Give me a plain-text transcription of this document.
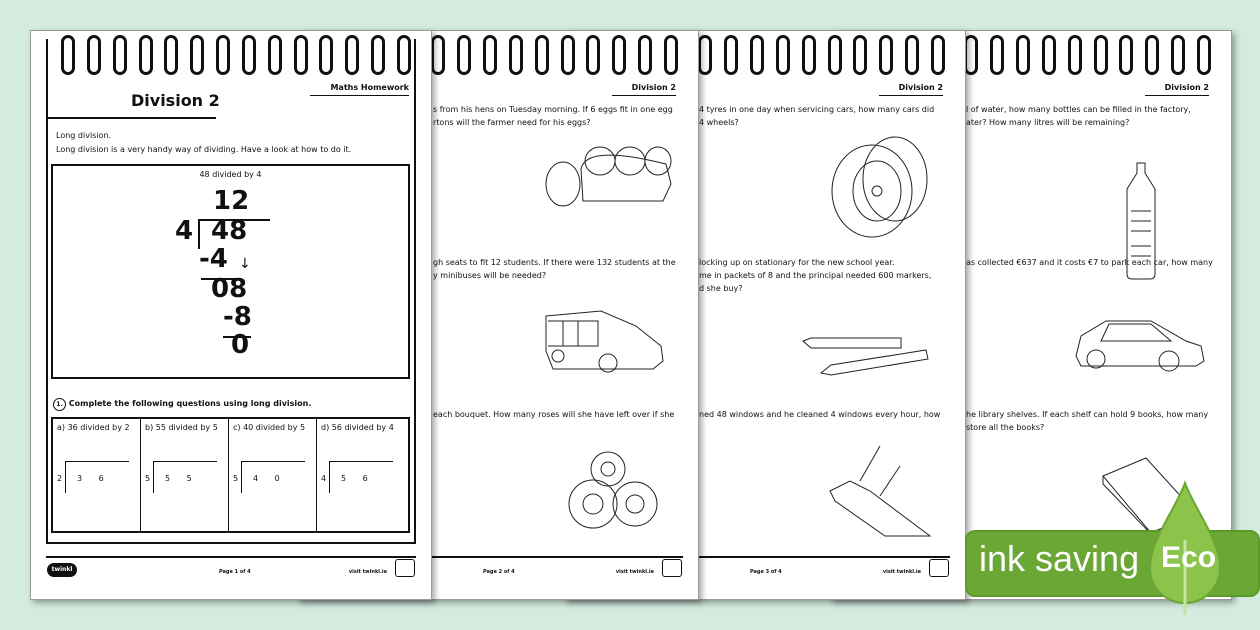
Division 2
l of water, how many bottles can be filled in the factory,
ater? How many litres will be remaining?
as collected €637 and it costs €7 to park each car, how many
he library shelves. If each shelf can hold 9 books, how many
store all the books?
Division 2
4 tyres in one day when servicing cars, how many cars did
4 wheels?
locking up on stationary for the new school year.
me in packets of 8 and the principal needed 600 markers,
d she buy?
ned 48 windows and he cleaned 4 windows every hour, how
Page 3 of 4	visit twinkl.ie
Division 2
s from his hens on Tuesday morning. If 6 eggs fit in one egg
rtons will the farmer need for his eggs?
gh seats to fit 12 students. If there were 132 students at the
y minibuses will be needed?
each bouquet. How many roses will she have left over if she
Page 2 of 4	visit twinkl.ie
Maths Homework
Division 2
Long division.
Long division is a very handy way of dividing. Have a look at how to do it.
48 divided by 4
12
4 48
-4 ↓
08
-8
0
1. Complete the following questions using long division.
a) 36 divided by 2
2 3 6
b) 55 divided by 5
5 5 5
c) 40 divided by 5
5 4 0
d) 56 divided by 4
4 5 6
twinkl	Page 1 of 4	visit twinkl.ie	ink saving Eco
